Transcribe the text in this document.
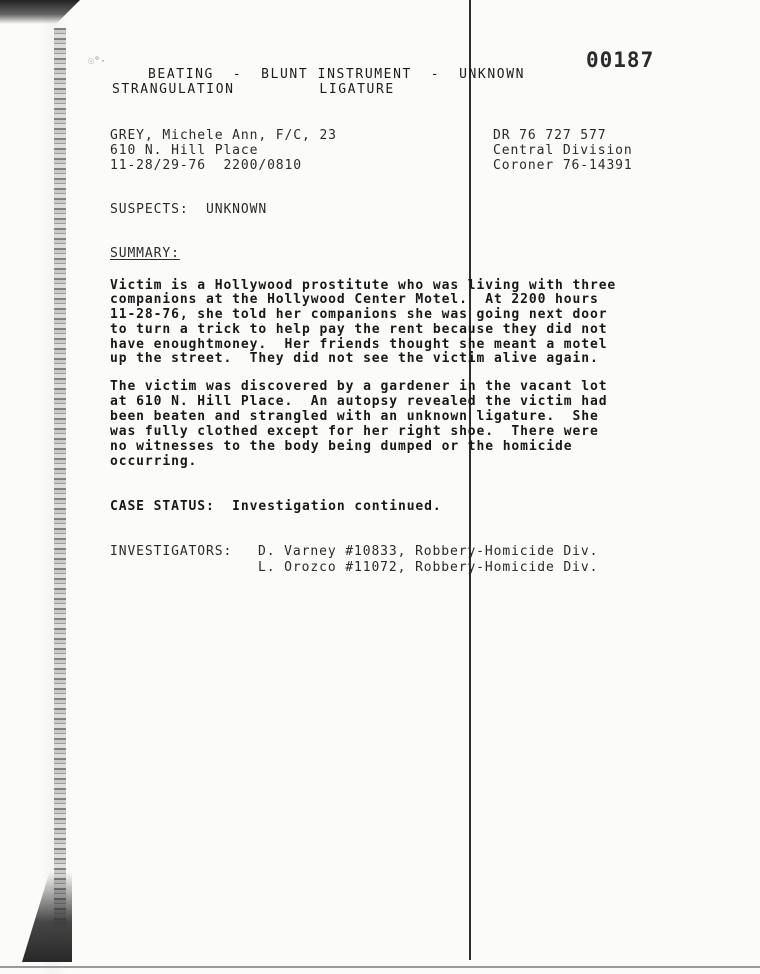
☉°·	00187
BEATING  -  BLUNT INSTRUMENT  -  UNKNOWN
STRANGULATION         LIGATURE
GREY, Michele Ann, F/C, 23
610 N. Hill Place
11-28/29-76  2200/0810
DR 76 727 577
Central Division
Coroner 76-14391
SUSPECTS:  UNKNOWN
SUMMARY:
Victim is a Hollywood prostitute who was living with three
companions at the Hollywood Center Motel.  At 2200 hours
11-28-76, she told her companions she was going next door
to turn a trick to help pay the rent because they did not
have enoughtmoney.  Her friends thought she meant a motel
up the street.  They did not see the victim alive again.
The victim was discovered by a gardener in the vacant lot
at 610 N. Hill Place.  An autopsy revealed the victim had
been beaten and strangled with an unknown ligature.  She
was fully clothed except for her right shoe.  There were
no witnesses to the body being dumped or the homicide
occurring.
CASE STATUS:  Investigation continued.
INVESTIGATORS: D. Varney #10833, Robbery-Homicide Div.
L. Orozco #11072, Robbery-Homicide Div.
